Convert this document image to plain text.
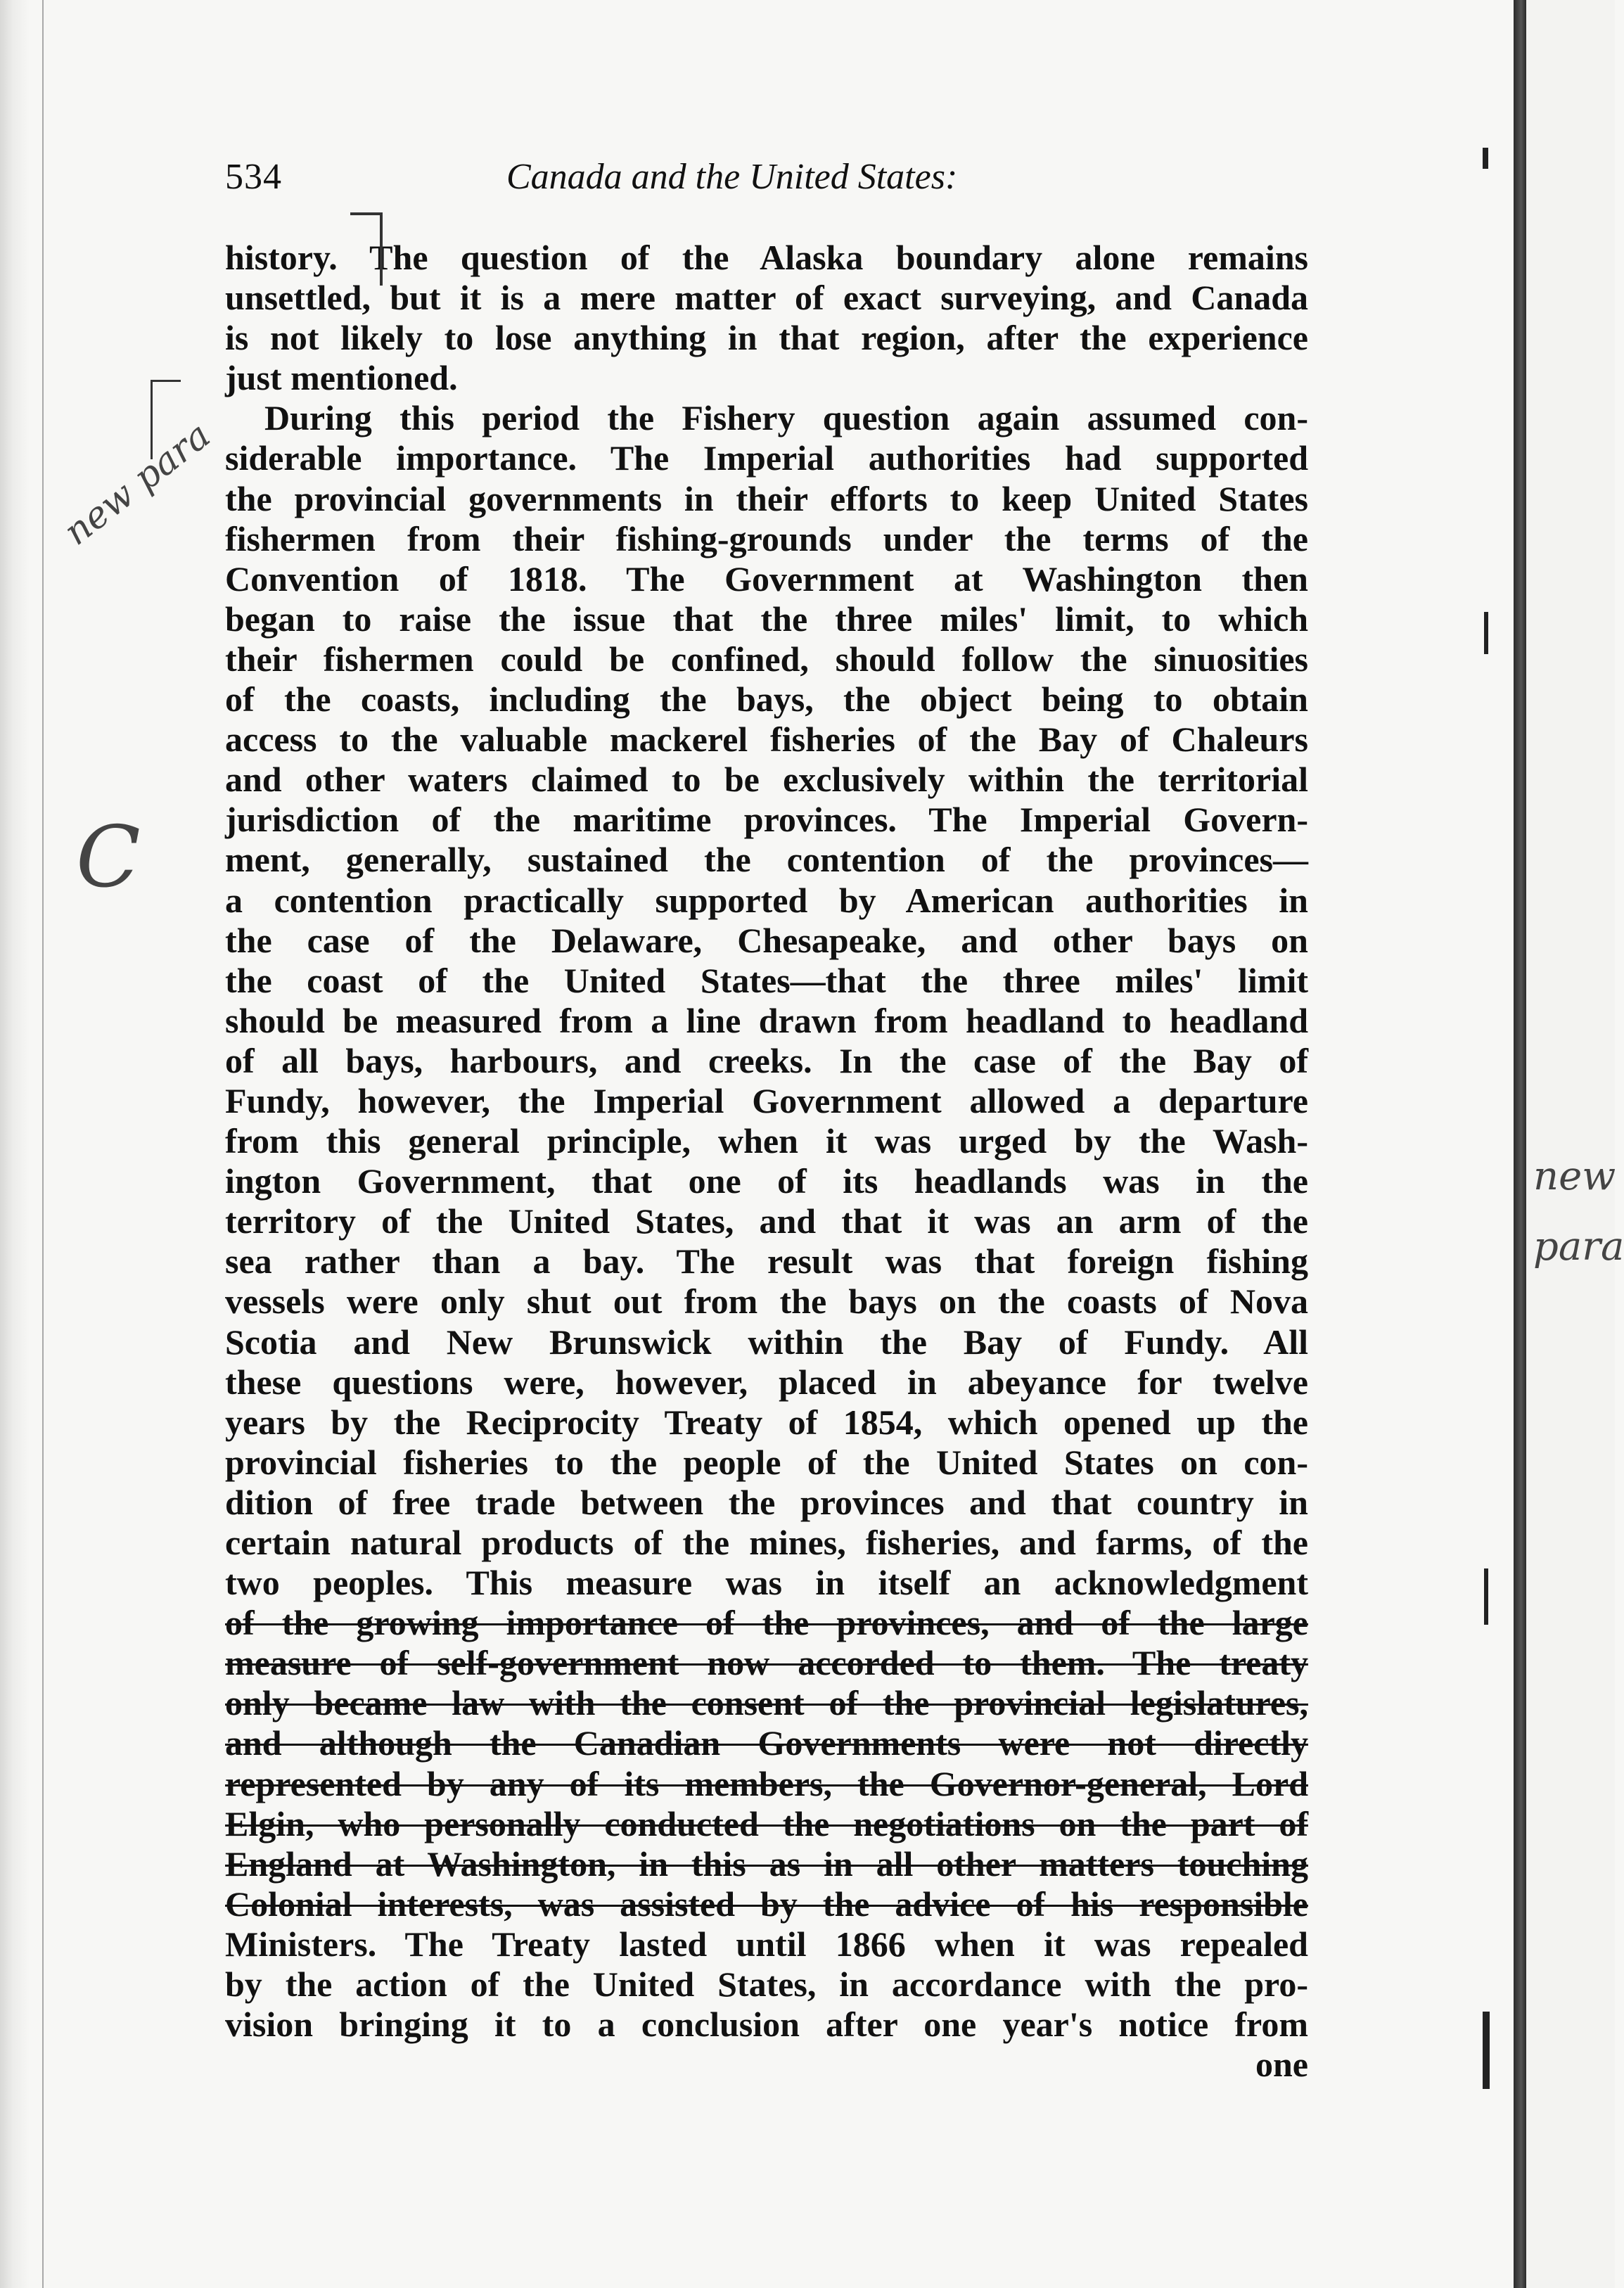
534	Canada and the United States:
history. The question of the Alaska boundary alone remains
unsettled, but it is a mere matter of exact surveying, and Canada
is not likely to lose anything in that region, after the experience
just mentioned.
During this period the Fishery question again assumed con-
siderable importance. The Imperial authorities had supported
the provincial governments in their efforts to keep United States
fishermen from their fishing-grounds under the terms of the
Convention of 1818. The Government at Washington then
began to raise the issue that the three miles' limit, to which
their fishermen could be confined, should follow the sinuosities
of the coasts, including the bays, the object being to obtain
access to the valuable mackerel fisheries of the Bay of Chaleurs
and other waters claimed to be exclusively within the territorial
jurisdiction of the maritime provinces. The Imperial Govern-
ment, generally, sustained the contention of the provinces—
a contention practically supported by American authorities in
the case of the Delaware, Chesapeake, and other bays on
the coast of the United States—that the three miles' limit
should be measured from a line drawn from headland to headland
of all bays, harbours, and creeks. In the case of the Bay of
Fundy, however, the Imperial Government allowed a departure
from this general principle, when it was urged by the Wash-
ington Government, that one of its headlands was in the
territory of the United States, and that it was an arm of the
sea rather than a bay. The result was that foreign fishing
vessels were only shut out from the bays on the coasts of Nova
Scotia and New Brunswick within the Bay of Fundy. All
these questions were, however, placed in abeyance for twelve
years by the Reciprocity Treaty of 1854, which opened up the
provincial fisheries to the people of the United States on con-
dition of free trade between the provinces and that country in
certain natural products of the mines, fisheries, and farms, of the
two peoples. This measure was in itself an acknowledgment
of the growing importance of the provinces, and of the large
measure of self-government now accorded to them. The treaty
only became law with the consent of the provincial legislatures,
and although the Canadian Governments were not directly
represented by any of its members, the Governor-general, Lord
Elgin, who personally conducted the negotiations on the part of
England at Washington, in this as in all other matters touching
Colonial interests, was assisted by the advice of his responsible
Ministers. The Treaty lasted until 1866 when it was repealed
by the action of the United States, in accordance with the pro-
vision bringing it to a conclusion after one year's notice from
one
new para
C
new
para
